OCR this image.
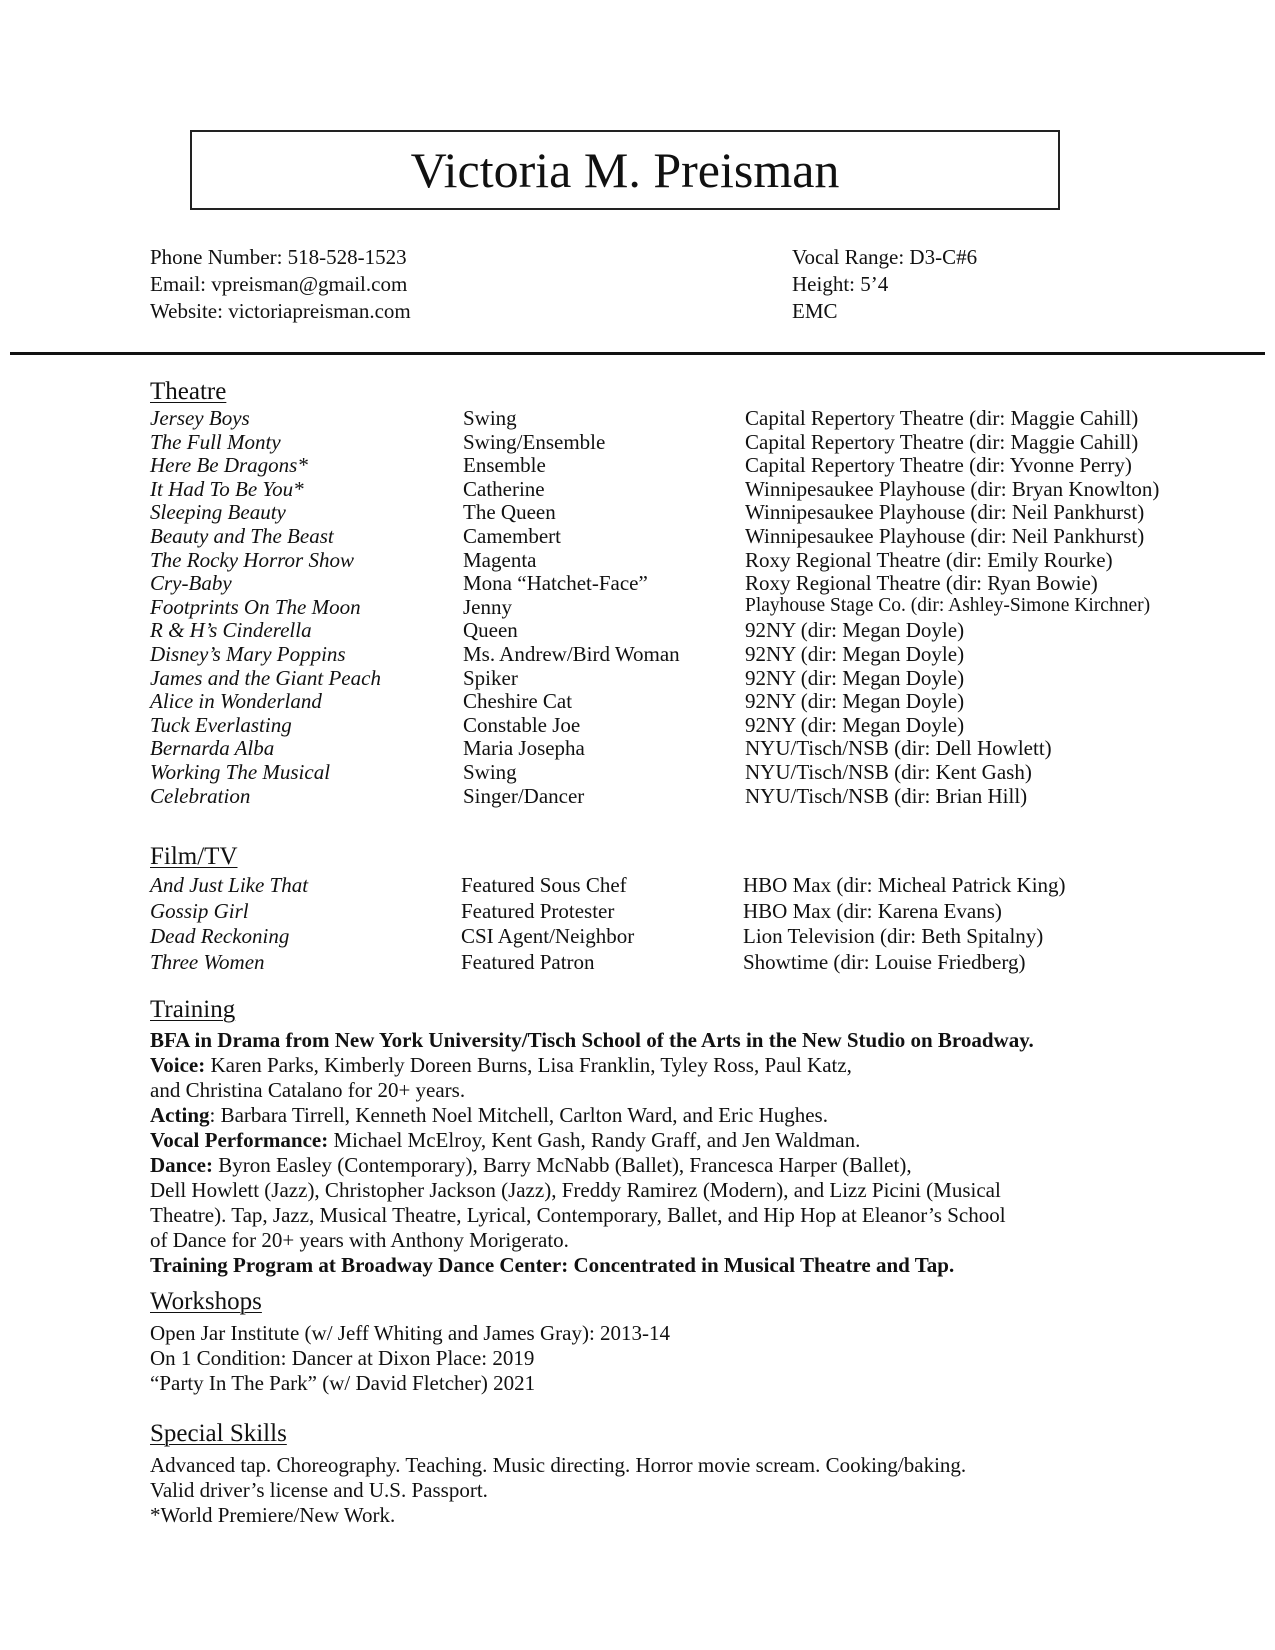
Victoria M. Preisman
Phone Number: 518-528-1523
Email: vpreisman@gmail.com
Website: victoriapreisman.com
Vocal Range: D3-C#6
Height: 5’4
EMC
Theatre
Jersey Boys	Swing	Capital Repertory Theatre (dir: Maggie Cahill)
The Full Monty	Swing/Ensemble	Capital Repertory Theatre (dir: Maggie Cahill)
Here Be Dragons*	Ensemble	Capital Repertory Theatre (dir: Yvonne Perry)
It Had To Be You*	Catherine	Winnipesaukee Playhouse (dir: Bryan Knowlton)
Sleeping Beauty	The Queen	Winnipesaukee Playhouse (dir: Neil Pankhurst)
Beauty and The Beast	Camembert	Winnipesaukee Playhouse (dir: Neil Pankhurst)
The Rocky Horror Show	Magenta	Roxy Regional Theatre (dir: Emily Rourke)
Cry-Baby	Mona “Hatchet-Face”	Roxy Regional Theatre (dir: Ryan Bowie)
Footprints On The Moon	Jenny	Playhouse Stage Co. (dir: Ashley-Simone Kirchner)
R & H’s Cinderella	Queen	92NY (dir: Megan Doyle)
Disney’s Mary Poppins	Ms. Andrew/Bird Woman	92NY (dir: Megan Doyle)
James and the Giant Peach	Spiker	92NY (dir: Megan Doyle)
Alice in Wonderland	Cheshire Cat	92NY (dir: Megan Doyle)
Tuck Everlasting	Constable Joe	92NY (dir: Megan Doyle)
Bernarda Alba	Maria Josepha	NYU/Tisch/NSB (dir: Dell Howlett)
Working The Musical	Swing	NYU/Tisch/NSB (dir: Kent Gash)
Celebration	Singer/Dancer	NYU/Tisch/NSB (dir: Brian Hill)
Film/TV
And Just Like That	Featured Sous Chef	HBO Max (dir: Micheal Patrick King)
Gossip Girl	Featured Protester	HBO Max (dir: Karena Evans)
Dead Reckoning	CSI Agent/Neighbor	Lion Television (dir: Beth Spitalny)
Three Women	Featured Patron	Showtime (dir: Louise Friedberg)
Training
BFA in Drama from New York University/Tisch School of the Arts in the New Studio on Broadway.
Voice: Karen Parks, Kimberly Doreen Burns, Lisa Franklin, Tyley Ross, Paul Katz,
and Christina Catalano for 20+ years.
Acting: Barbara Tirrell, Kenneth Noel Mitchell, Carlton Ward, and Eric Hughes.
Vocal Performance: Michael McElroy, Kent Gash, Randy Graff, and Jen Waldman.
Dance: Byron Easley (Contemporary), Barry McNabb (Ballet), Francesca Harper (Ballet),
Dell Howlett (Jazz), Christopher Jackson (Jazz), Freddy Ramirez (Modern), and Lizz Picini (Musical
Theatre). Tap, Jazz, Musical Theatre, Lyrical, Contemporary, Ballet, and Hip Hop at Eleanor’s School
of Dance for 20+ years with Anthony Morigerato.
Training Program at Broadway Dance Center: Concentrated in Musical Theatre and Tap.
Workshops
Open Jar Institute (w/ Jeff Whiting and James Gray): 2013-14
On 1 Condition: Dancer at Dixon Place: 2019
“Party In The Park” (w/ David Fletcher) 2021
Special Skills
Advanced tap. Choreography. Teaching. Music directing. Horror movie scream. Cooking/baking.
Valid driver’s license and U.S. Passport.
*World Premiere/New Work.
